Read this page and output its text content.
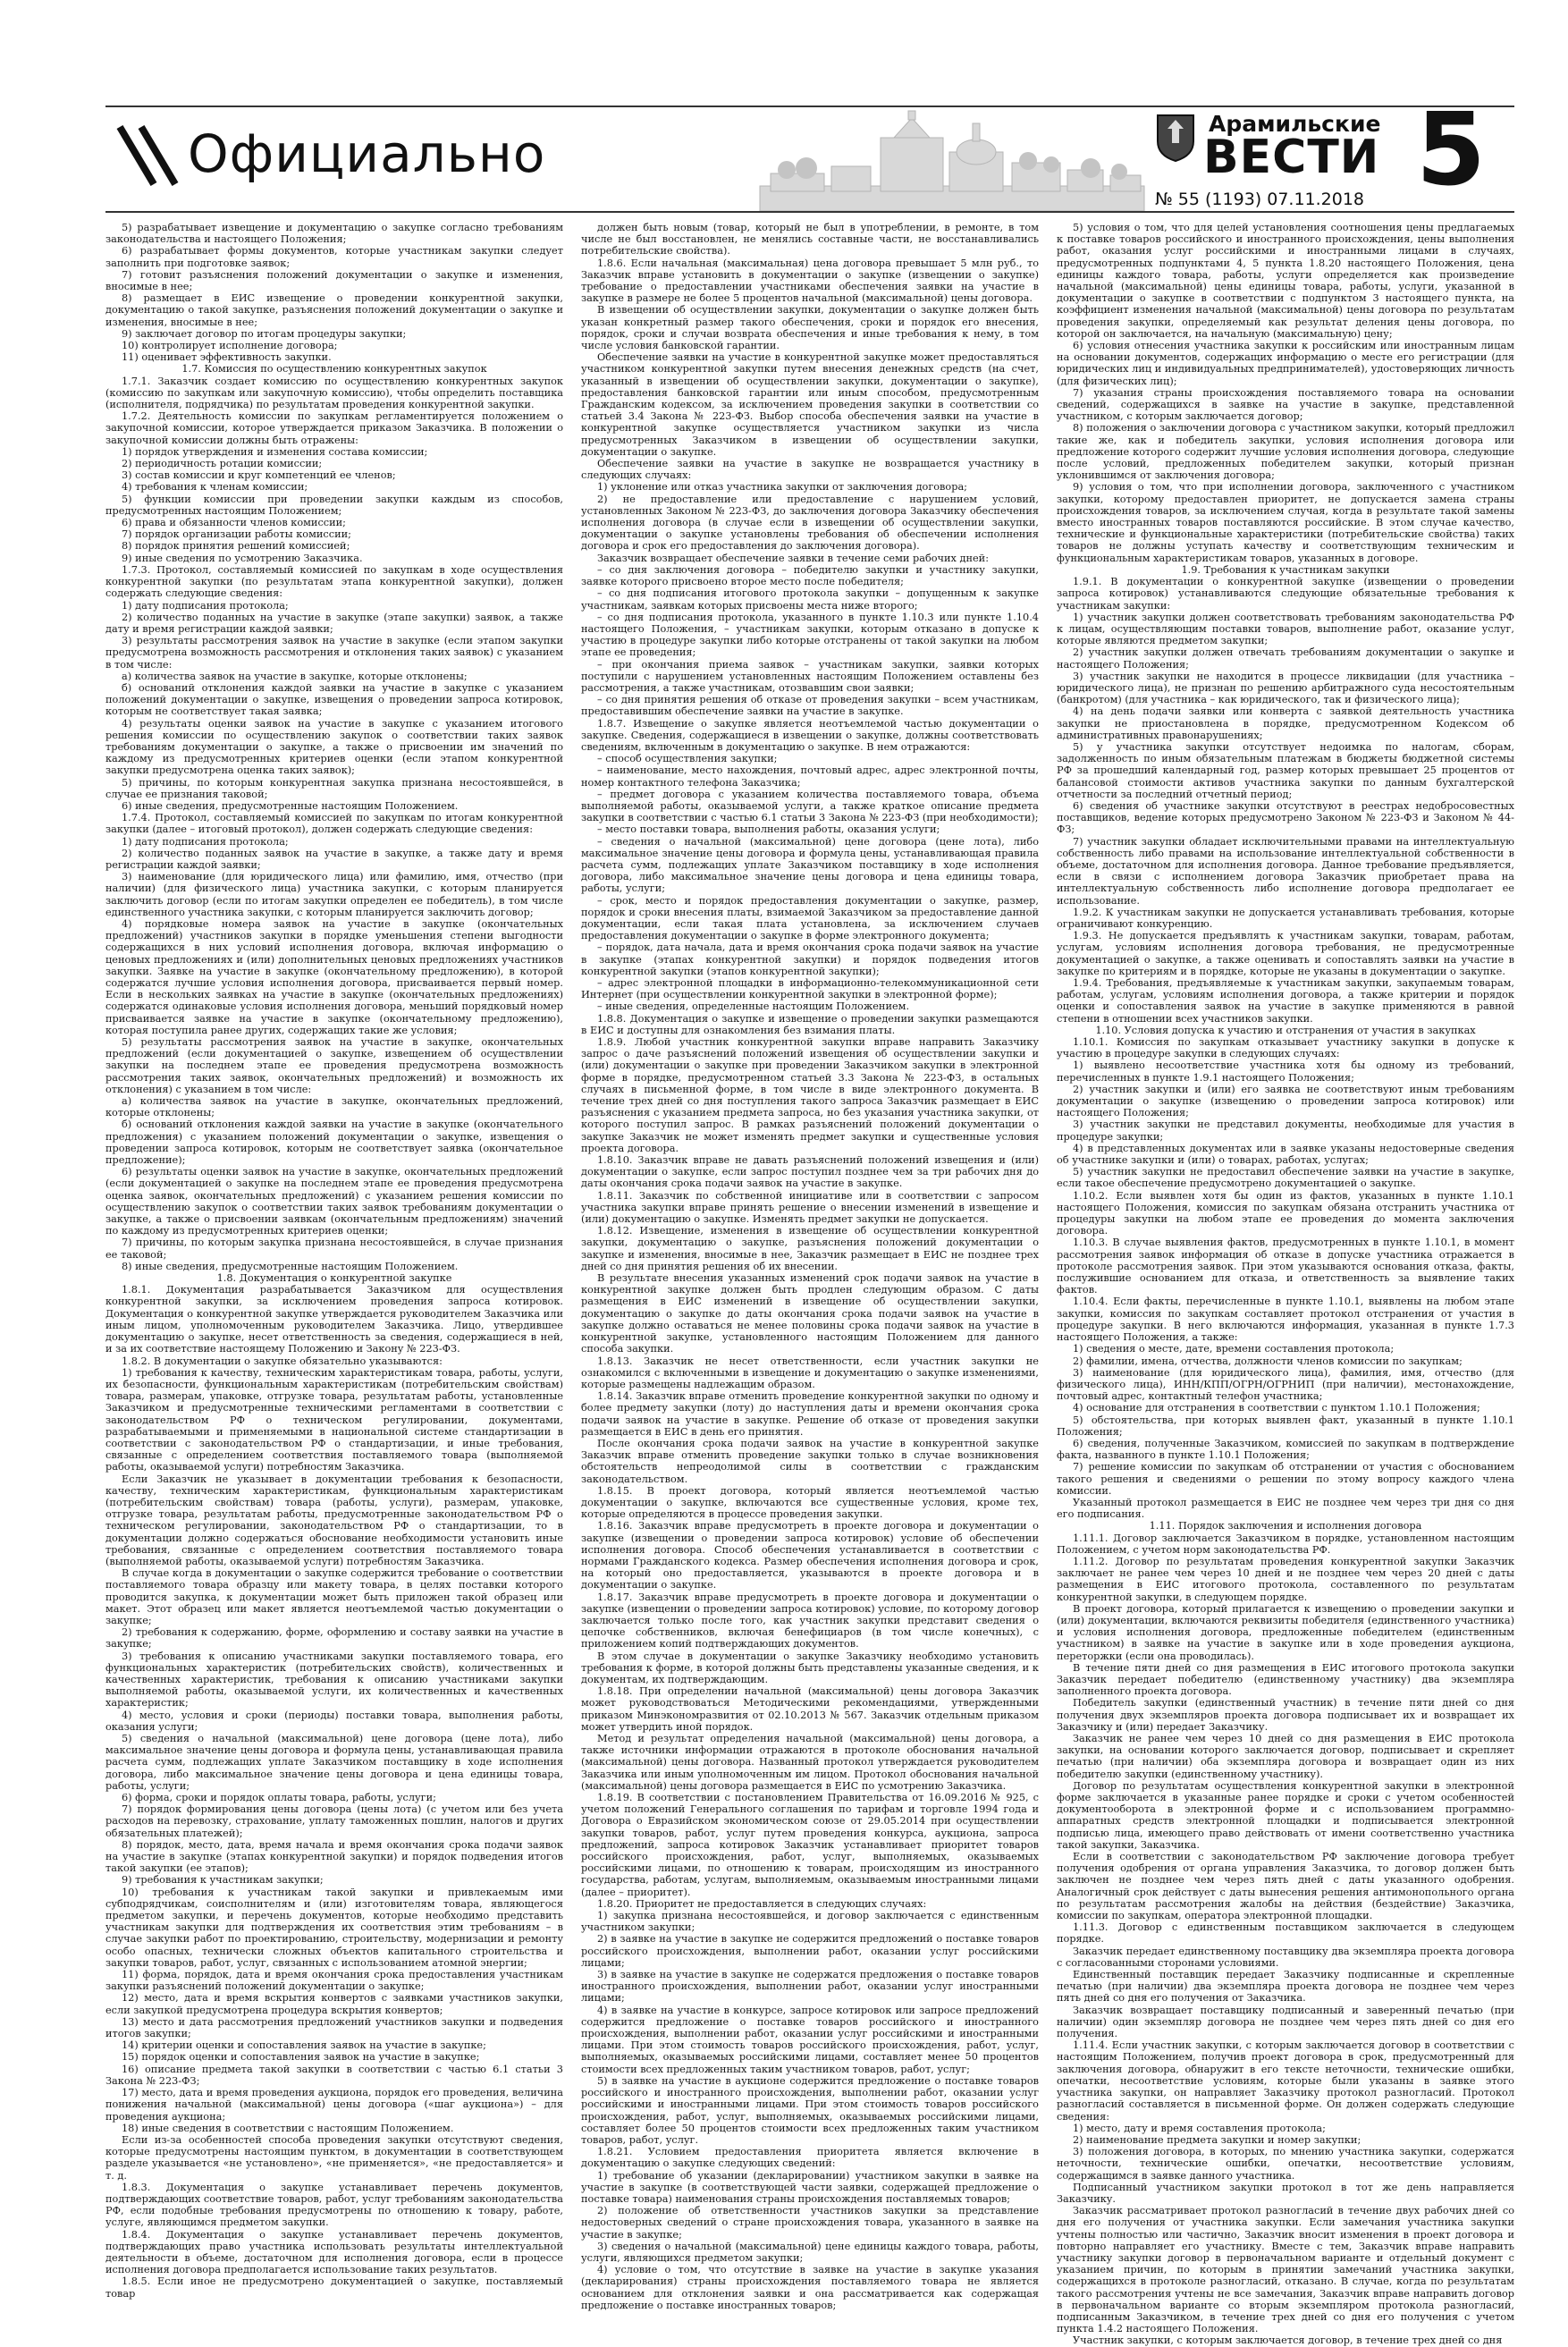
Официально	Арамильские
ВЕСТИ
№ 55 (1193) 07.11.2018 5

5) разрабатывает извещение и документацию о закупке согласно требованиям законодательства и настоящего Положения;

6) разрабатывает формы документов, которые участникам закупки следует заполнить при подготовке заявок;

7) готовит разъяснения положений документации о закупке и изменения, вносимые в нее;

8) размещает в ЕИС извещение о проведении конкурентной закупки, документацию о такой закупке, разъяснения положений документации о закупке и изменения, вносимые в нее;

9) заключает договор по итогам процедуры закупки;

10) контролирует исполнение договора;

11) оценивает эффективность закупки.

1.7. Комиссия по осуществлению конкурентных закупок

1.7.1. Заказчик создает комиссию по осуществлению конкурентных закупок (комиссию по закупкам или закупочную комиссию), чтобы определить поставщика (исполнителя, подрядчика) по результатам проведения конкурентной закупки.

1.7.2. Деятельность комиссии по закупкам регламентируется положением о закупочной комиссии, которое утверждается приказом Заказчика. В положении о закупочной комиссии должны быть отражены:

1) порядок утверждения и изменения состава комиссии;

2) периодичность ротации комиссии;

3) состав комиссии и круг компетенций ее членов;

4) требования к членам комиссии;

5) функции комиссии при проведении закупки каждым из способов, предусмотренных настоящим Положением;

6) права и обязанности членов комиссии;

7) порядок организации работы комиссии;

8) порядок принятия решений комиссией;

9) иные сведения по усмотрению Заказчика.

1.7.3. Протокол, составляемый комиссией по закупкам в ходе осуществления конкурентной закупки (по результатам этапа конкурентной закупки), должен содержать следующие сведения:

1) дату подписания протокола;

2) количество поданных на участие в закупке (этапе закупки) заявок, а также дату и время регистрации каждой заявки;

3) результаты рассмотрения заявок на участие в закупке (если этапом закупки предусмотрена возможность рассмотрения и отклонения таких заявок) с указанием в том числе:

а) количества заявок на участие в закупке, которые отклонены;

б) оснований отклонения каждой заявки на участие в закупке с указанием положений документации о закупке, извещения о проведении запроса котировок, которым не соответствует такая заявка;

4) результаты оценки заявок на участие в закупке с указанием итогового решения комиссии по осуществлению закупок о соответствии таких заявок требованиям документации о закупке, а также о присвоении им значений по каждому из предусмотренных критериев оценки (если этапом конкурентной закупки предусмотрена оценка таких заявок);

5) причины, по которым конкурентная закупка признана несостоявшейся, в случае ее признания таковой;

6) иные сведения, предусмотренные настоящим Положением.

1.7.4. Протокол, составляемый комиссией по закупкам по итогам конкурентной закупки (далее – итоговый протокол), должен содержать следующие сведения:

1) дату подписания протокола;

2) количество поданных заявок на участие в закупке, а также дату и время регистрации каждой заявки;

3) наименование (для юридического лица) или фамилию, имя, отчество (при наличии) (для физического лица) участника закупки, с которым планируется заключить договор (если по итогам закупки определен ее победитель), в том числе единственного участника закупки, с которым планируется заключить договор;

4) порядковые номера заявок на участие в закупке (окончательных предложений) участников закупки в порядке уменьшения степени выгодности содержащихся в них условий исполнения договора, включая информацию о ценовых предложениях и (или) дополнительных ценовых предложениях участников закупки. Заявке на участие в закупке (окончательному предложению), в которой содержатся лучшие условия исполнения договора, присваивается первый номер. Если в нескольких заявках на участие в закупке (окончательных предложениях) содержатся одинаковые условия исполнения договора, меньший порядковый номер присваивается заявке на участие в закупке (окончательному предложению), которая поступила ранее других, содержащих такие же условия;

5) результаты рассмотрения заявок на участие в закупке, окончательных предложений (если документацией о закупке, извещением об осуществлении закупки на последнем этапе ее проведения предусмотрена возможность рассмотрения таких заявок, окончательных предложений) и возможность их отклонения) с указанием в том числе:

а) количества заявок на участие в закупке, окончательных предложений, которые отклонены;

б) оснований отклонения каждой заявки на участие в закупке (окончательного предложения) с указанием положений документации о закупке, извещения о проведении запроса котировок, которым не соответствует заявка (окончательное предложение);

6) результаты оценки заявок на участие в закупке, окончательных предложений (если документацией о закупке на последнем этапе ее проведения предусмотрена оценка заявок, окончательных предложений) с указанием решения комиссии по осуществлению закупок о соответствии таких заявок требованиям документации о закупке, а также о присвоении заявкам (окончательным предложениям) значений по каждому из предусмотренных критериев оценки;

7) причины, по которым закупка признана несостоявшейся, в случае признания ее таковой;

8) иные сведения, предусмотренные настоящим Положением.

1.8. Документация о конкурентной закупке

1.8.1. Документация разрабатывается Заказчиком для осуществления конкурентной закупки, за исключением проведения запроса котировок. Документация о конкурентной закупке утверждается руководителем Заказчика или иным лицом, уполномоченным руководителем Заказчика. Лицо, утвердившее документацию о закупке, несет ответственность за сведения, содержащиеся в ней, и за их соответствие настоящему Положению и Закону № 223-ФЗ.

1.8.2. В документации о закупке обязательно указываются:

1) требования к качеству, техническим характеристикам товара, работы, услуги, их безопасности, функциональным характеристикам (потребительским свойствам) товара, размерам, упаковке, отгрузке товара, результатам работы, установленные Заказчиком и предусмотренные техническими регламентами в соответствии с законодательством РФ о техническом регулировании, документами, разрабатываемыми и применяемыми в национальной системе стандартизации в соответствии с законодательством РФ о стандартизации, и иные требования, связанные с определением соответствия поставляемого товара (выполняемой работы, оказываемой услуги) потребностям Заказчика.

Если Заказчик не указывает в документации требования к безопасности, качеству, техническим характеристикам, функциональным характеристикам (потребительским свойствам) товара (работы, услуги), размерам, упаковке, отгрузке товара, результатам работы, предусмотренные законодательством РФ о техническом регулировании, законодательством РФ о стандартизации, то в документации должно содержаться обоснование необходимости установить иные требования, связанные с определением соответствия поставляемого товара (выполняемой работы, оказываемой услуги) потребностям Заказчика.

В случае когда в документации о закупке содержится требование о соответствии поставляемого товара образцу или макету товара, в целях поставки которого проводится закупка, к документации может быть приложен такой образец или макет. Этот образец или макет является неотъемлемой частью документации о закупке;

2) требования к содержанию, форме, оформлению и составу заявки на участие в закупке;

3) требования к описанию участниками закупки поставляемого товара, его функциональных характеристик (потребительских свойств), количественных и качественных характеристик, требования к описанию участниками закупки выполняемой работы, оказываемой услуги, их количественных и качественных характеристик;

4) место, условия и сроки (периоды) поставки товара, выполнения работы, оказания услуги;

5) сведения о начальной (максимальной) цене договора (цене лота), либо максимальное значение цены договора и формула цены, устанавливающая правила расчета сумм, подлежащих уплате Заказчиком поставщику в ходе исполнения договора, либо максимальное значение цены договора и цена единицы товара, работы, услуги;

6) форма, сроки и порядок оплаты товара, работы, услуги;

7) порядок формирования цены договора (цены лота) (с учетом или без учета расходов на перевозку, страхование, уплату таможенных пошлин, налогов и других обязательных платежей);

8) порядок, место, дата, время начала и время окончания срока подачи заявок на участие в закупке (этапах конкурентной закупки) и порядок подведения итогов такой закупки (ее этапов);

9) требования к участникам закупки;

10) требования к участникам такой закупки и привлекаемым ими субподрядчикам, соисполнителям и (или) изготовителям товара, являющегося предметом закупки, и перечень документов, которые необходимо представить участникам закупки для подтверждения их соответствия этим требованиям – в случае закупки работ по проектированию, строительству, модернизации и ремонту особо опасных, технически сложных объектов капитального строительства и закупки товаров, работ, услуг, связанных с использованием атомной энергии;

11) форма, порядок, дата и время окончания срока предоставления участникам закупки разъяснений положений документации о закупке;

12) место, дата и время вскрытия конвертов с заявками участников закупки, если закупкой предусмотрена процедура вскрытия конвертов;

13) место и дата рассмотрения предложений участников закупки и подведения итогов закупки;

14) критерии оценки и сопоставления заявок на участие в закупке;

15) порядок оценки и сопоставления заявок на участие в закупке;

16) описание предмета такой закупки в соответствии с частью 6.1 статьи 3 Закона № 223-ФЗ;

17) место, дата и время проведения аукциона, порядок его проведения, величина понижения начальной (максимальной) цены договора («шаг аукциона») – для проведения аукциона;

18) иные сведения в соответствии с настоящим Положением.

Если из-за особенностей способа проведения закупки отсутствуют сведения, которые предусмотрены настоящим пунктом, в документации в соответствующем разделе указывается «не установлено», «не применяется», «не предоставляется» и т. д.

1.8.3. Документация о закупке устанавливает перечень документов, подтверждающих соответствие товаров, работ, услуг требованиям законодательства РФ, если подобные требования предусмотрены по отношению к товару, работе, услуге, являющимся предметом закупки.

1.8.4. Документация о закупке устанавливает перечень документов, подтверждающих право участника использовать результаты интеллектуальной деятельности в объеме, достаточном для исполнения договора, если в процессе исполнения договора предполагается использование таких результатов.

1.8.5. Если иное не предусмотрено документацией о закупке, поставляемый товар

должен быть новым (товар, который не был в употреблении, в ремонте, в том числе не был восстановлен, не менялись составные части, не восстанавливались потребительские свойства).

1.8.6. Если начальная (максимальная) цена договора превышает 5 млн руб., то Заказчик вправе установить в документации о закупке (извещении о закупке) требование о предоставлении участниками обеспечения заявки на участие в закупке в размере не более 5 процентов начальной (максимальной) цены договора.

В извещении об осуществлении закупки, документации о закупке должен быть указан конкретный размер такого обеспечения, сроки и порядок его внесения, порядок, сроки и случаи возврата обеспечения и иные требования к нему, в том числе условия банковской гарантии.

Обеспечение заявки на участие в конкурентной закупке может предоставляться участником конкурентной закупки путем внесения денежных средств (на счет, указанный в извещении об осуществлении закупки, документации о закупке), предоставления банковской гарантии или иным способом, предусмотренным Гражданским кодексом, за исключением проведения закупки в соответствии со статьей 3.4 Закона № 223-ФЗ. Выбор способа обеспечения заявки на участие в конкурентной закупке осуществляется участником закупки из числа предусмотренных Заказчиком в извещении об осуществлении закупки, документации о закупке.

Обеспечение заявки на участие в закупке не возвращается участнику в следующих случаях:

1) уклонение или отказ участника закупки от заключения договора;

2) не предоставление или предоставление с нарушением условий, установленных Законом № 223-ФЗ, до заключения договора Заказчику обеспечения исполнения договора (в случае если в извещении об осуществлении закупки, документации о закупке установлены требования об обеспечении исполнения договора и срок его предоставления до заключения договора).

Заказчик возвращает обеспечение заявки в течение семи рабочих дней:

– со дня заключения договора – победителю закупки и участнику закупки, заявке которого присвоено второе место после победителя;

– со дня подписания итогового протокола закупки – допущенным к закупке участникам, заявкам которых присвоены места ниже второго;

– со дня подписания протокола, указанного в пункте 1.10.3 или пункте 1.10.4 настоящего Положения, – участникам закупки, которым отказано в допуске к участию в процедуре закупки либо которые отстранены от такой закупки на любом этапе ее проведения;

– при окончания приема заявок – участникам закупки, заявки которых поступили с нарушением установленных настоящим Положением оставлены без рассмотрения, а также участникам, отозвавшим свои заявки;

– со дня принятия решения об отказе от проведения закупки – всем участникам, предоставившим обеспечение заявки на участие в закупке.

1.8.7. Извещение о закупке является неотъемлемой частью документации о закупке. Сведения, содержащиеся в извещении о закупке, должны соответствовать сведениям, включенным в документацию о закупке. В нем отражаются:

– способ осуществления закупки;

– наименование, место нахождения, почтовый адрес, адрес электронной почты, номер контактного телефона Заказчика;

– предмет договора с указанием количества поставляемого товара, объема выполняемой работы, оказываемой услуги, а также краткое описание предмета закупки в соответствии с частью 6.1 статьи 3 Закона № 223-ФЗ (при необходимости);

– место поставки товара, выполнения работы, оказания услуги;

– сведения о начальной (максимальной) цене договора (цене лота), либо максимальное значение цены договора и формула цены, устанавливающая правила расчета сумм, подлежащих уплате Заказчиком поставщику в ходе исполнения договора, либо максимальное значение цены договора и цена единицы товара, работы, услуги;

– срок, место и порядок предоставления документации о закупке, размер, порядок и сроки внесения платы, взимаемой Заказчиком за предоставление данной документации, если такая плата установлена, за исключением случаев предоставления документации о закупке в форме электронного документа;

– порядок, дата начала, дата и время окончания срока подачи заявок на участие в закупке (этапах конкурентной закупки) и порядок подведения итогов конкурентной закупки (этапов конкурентной закупки);

– адрес электронной площадки в информационно-телекоммуникационной сети Интернет (при осуществлении конкурентной закупки в электронной форме);

– иные сведения, определенные настоящим Положением.

1.8.8. Документация о закупке и извещение о проведении закупки размещаются в ЕИС и доступны для ознакомления без взимания платы.

1.8.9. Любой участник конкурентной закупки вправе направить Заказчику запрос о даче разъяснений положений извещения об осуществлении закупки и (или) документации о закупке при проведении Заказчиком закупки в электронной форме в порядке, предусмотренном статьей 3.3 Закона № 223-ФЗ, в остальных случаях в письменной форме, в том числе в виде электронного документа. В течение трех дней со дня поступления такого запроса Заказчик размещает в ЕИС разъяснения с указанием предмета запроса, но без указания участника закупки, от которого поступил запрос. В рамках разъяснений положений документации о закупке Заказчик не может изменять предмет закупки и существенные условия проекта договора.

1.8.10. Заказчик вправе не давать разъяснений положений извещения и (или) документации о закупке, если запрос поступил позднее чем за три рабочих дня до даты окончания срока подачи заявок на участие в закупке.

1.8.11. Заказчик по собственной инициативе или в соответствии с запросом участника закупки вправе принять решение о внесении изменений в извещение и (или) документацию о закупке. Изменять предмет закупки не допускается.

1.8.12. Извещение, изменения в извещение об осуществлении конкурентной закупки, документацию о закупке, разъяснения положений документации о закупке и изменения, вносимые в нее, Заказчик размещает в ЕИС не позднее трех дней со дня принятия решения об их внесении.

В результате внесения указанных изменений срок подачи заявок на участие в конкурентной закупке должен быть продлен следующим образом. С даты размещения в ЕИС изменений в извещение об осуществлении закупки, документацию о закупке до даты окончания срока подачи заявок на участие в закупке должно оставаться не менее половины срока подачи заявок на участие в конкурентной закупке, установленного настоящим Положением для данного способа закупки.

1.8.13. Заказчик не несет ответственности, если участник закупки не ознакомился с включенными в извещение и документацию о закупке изменениями, которые размещены надлежащим образом.

1.8.14. Заказчик вправе отменить проведение конкурентной закупки по одному и более предмету закупки (лоту) до наступления даты и времени окончания срока подачи заявок на участие в закупке. Решение об отказе от проведения закупки размещается в ЕИС в день его принятия.

После окончания срока подачи заявок на участие в конкурентной закупке Заказчик вправе отменить проведение закупки только в случае возникновения обстоятельств непреодолимой силы в соответствии с гражданским законодательством.

1.8.15. В проект договора, который является неотъемлемой частью документации о закупке, включаются все существенные условия, кроме тех, которые определяются в процессе проведения закупки.

1.8.16. Заказчик вправе предусмотреть в проекте договора и документации о закупке (извещении о проведении запроса котировок) условие об обеспечении исполнения договора. Способ обеспечения устанавливается в соответствии с нормами Гражданского кодекса. Размер обеспечения исполнения договора и срок, на который оно предоставляется, указываются в проекте договора и в документации о закупке.

1.8.17. Заказчик вправе предусмотреть в проекте договора и документации о закупке (извещении о проведении запроса котировок) условие, по которому договор заключается только после того, как участник закупки представит сведения о цепочке собственников, включая бенефициаров (в том числе конечных), с приложением копий подтверждающих документов.

В этом случае в документации о закупке Заказчику необходимо установить требования к форме, в которой должны быть представлены указанные сведения, и к документам, их подтверждающим.

1.8.18. При определении начальной (максимальной) цены договора Заказчик может руководствоваться Методическими рекомендациями, утвержденными приказом Минэкономразвития от 02.10.2013 № 567. Заказчик отдельным приказом может утвердить иной порядок.

Метод и результат определения начальной (максимальной) цены договора, а также источники информации отражаются в протоколе обоснования начальной (максимальной) цены договора. Названный протокол утверждается руководителем Заказчика или иным уполномоченным им лицом. Протокол обоснования начальной (максимальной) цены договора размещается в ЕИС по усмотрению Заказчика.

1.8.19. В соответствии с постановлением Правительства от 16.09.2016 № 925, с учетом положений Генерального соглашения по тарифам и торговле 1994 года и Договора о Евразийском экономическом союзе от 29.05.2014 при осуществлении закупки товаров, работ, услуг путем проведения конкурса, аукциона, запроса предложений, запроса котировок Заказчик устанавливает приоритет товаров российского происхождения, работ, услуг, выполняемых, оказываемых российскими лицами, по отношению к товарам, происходящим из иностранного государства, работам, услугам, выполняемым, оказываемым иностранными лицами (далее – приоритет).

1.8.20. Приоритет не предоставляется в следующих случаях:

1) закупка признана несостоявшейся, и договор заключается с единственным участником закупки;

2) в заявке на участие в закупке не содержится предложений о поставке товаров российского происхождения, выполнении работ, оказании услуг российскими лицами;

3) в заявке на участие в закупке не содержатся предложения о поставке товаров иностранного происхождения, выполнении работ, оказании услуг иностранными лицами;

4) в заявке на участие в конкурсе, запросе котировок или запросе предложений содержится предложение о поставке товаров российского и иностранного происхождения, выполнении работ, оказании услуг российскими и иностранными лицами. При этом стоимость товаров российского происхождения, работ, услуг, выполняемых, оказываемых российскими лицами, составляет менее 50 процентов стоимости всех предложенных таким участником товаров, работ, услуг;

5) в заявке на участие в аукционе содержится предложение о поставке товаров российского и иностранного происхождения, выполнении работ, оказании услуг российскими и иностранными лицами. При этом стоимость товаров российского происхождения, работ, услуг, выполняемых, оказываемых российскими лицами, составляет более 50 процентов стоимости всех предложенных таким участником товаров, работ, услуг.

1.8.21. Условием предоставления приоритета является включение в документацию о закупке следующих сведений:

1) требование об указании (декларировании) участником закупки в заявке на участие в закупке (в соответствующей части заявки, содержащей предложение о поставке товара) наименования страны происхождения поставляемых товаров;

2) положение об ответственности участников закупки за представление недостоверных сведений о стране происхождения товара, указанного в заявке на участие в закупке;

3) сведения о начальной (максимальной) цене единицы каждого товара, работы, услуги, являющихся предметом закупки;

4) условие о том, что отсутствие в заявке на участие в закупке указания (декларирования) страны происхождения поставляемого товара не является основанием для отклонения заявки и она рассматривается как содержащая предложение о поставке иностранных товаров;

5) условия о том, что для целей установления соотношения цены предлагаемых к поставке товаров российского и иностранного происхождения, цены выполнения работ, оказания услуг российскими и иностранными лицами в случаях, предусмотренных подпунктами 4, 5 пункта 1.8.20 настоящего Положения, цена единицы каждого товара, работы, услуги определяется как произведение начальной (максимальной) цены единицы товара, работы, услуги, указанной в документации о закупке в соответствии с подпунктом 3 настоящего пункта, на коэффициент изменения начальной (максимальной) цены договора по результатам проведения закупки, определяемый как результат деления цены договора, по которой он заключается, на начальную (максимальную) цену;

6) условия отнесения участника закупки к российским или иностранным лицам на основании документов, содержащих информацию о месте его регистрации (для юридических лиц и индивидуальных предпринимателей), удостоверяющих личность (для физических лиц);

7) указания страны происхождения поставляемого товара на основании сведений, содержащихся в заявке на участие в закупке, представленной участником, с которым заключается договор;

8) положения о заключении договора с участником закупки, который предложил такие же, как и победитель закупки, условия исполнения договора или предложение которого содержит лучшие условия исполнения договора, следующие после условий, предложенных победителем закупки, который признан уклонившимся от заключения договора;

9) условия о том, что при исполнении договора, заключенного с участником закупки, которому предоставлен приоритет, не допускается замена страны происхождения товаров, за исключением случая, когда в результате такой замены вместо иностранных товаров поставляются российские. В этом случае качество, технические и функциональные характеристики (потребительские свойства) таких товаров не должны уступать качеству и соответствующим техническим и функциональным характеристикам товаров, указанных в договоре.

1.9. Требования к участникам закупки

1.9.1. В документации о конкурентной закупке (извещении о проведении запроса котировок) устанавливаются следующие обязательные требования к участникам закупки:

1) участник закупки должен соответствовать требованиям законодательства РФ к лицам, осуществляющим поставки товаров, выполнение работ, оказание услуг, которые являются предметом закупки;

2) участник закупки должен отвечать требованиям документации о закупке и настоящего Положения;

3) участник закупки не находится в процессе ликвидации (для участника – юридического лица), не признан по решению арбитражного суда несостоятельным (банкротом) (для участника – как юридического, так и физического лица);

4) на день подачи заявки или конверта с заявкой деятельность участника закупки не приостановлена в порядке, предусмотренном Кодексом об административных правонарушениях;

5) у участника закупки отсутствует недоимка по налогам, сборам, задолженность по иным обязательным платежам в бюджеты бюджетной системы РФ за прошедший календарный год, размер которых превышает 25 процентов от балансовой стоимости активов участника закупки по данным бухгалтерской отчетности за последний отчетный период;

6) сведения об участнике закупки отсутствуют в реестрах недобросовестных поставщиков, ведение которых предусмотрено Законом № 223-ФЗ и Законом № 44-ФЗ;

7) участник закупки обладает исключительными правами на интеллектуальную собственность либо правами на использование интеллектуальной собственности в объеме, достаточном для исполнения договора. Данное требование предъявляется, если в связи с исполнением договора Заказчик приобретает права на интеллектуальную собственность либо исполнение договора предполагает ее использование.

1.9.2. К участникам закупки не допускается устанавливать требования, которые ограничивают конкуренцию.

1.9.3. Не допускается предъявлять к участникам закупки, товарам, работам, услугам, условиям исполнения договора требования, не предусмотренные документацией о закупке, а также оценивать и сопоставлять заявки на участие в закупке по критериям и в порядке, которые не указаны в документации о закупке.

1.9.4. Требования, предъявляемые к участникам закупки, закупаемым товарам, работам, услугам, условиям исполнения договора, а также критерии и порядок оценки и сопоставления заявок на участие в закупке применяются в равной степени в отношении всех участников закупки.

1.10. Условия допуска к участию и отстранения от участия в закупках

1.10.1. Комиссия по закупкам отказывает участнику закупки в допуске к участию в процедуре закупки в следующих случаях:

1) выявлено несоответствие участника хотя бы одному из требований, перечисленных в пункте 1.9.1 настоящего Положения;

2) участник закупки и (или) его заявка не соответствуют иным требованиям документации о закупке (извещению о проведении запроса котировок) или настоящего Положения;

3) участник закупки не представил документы, необходимые для участия в процедуре закупки;

4) в представленных документах или в заявке указаны недостоверные сведения об участнике закупки и (или) о товарах, работах, услугах;

5) участник закупки не предоставил обеспечение заявки на участие в закупке, если такое обеспечение предусмотрено документацией о закупке.

1.10.2. Если выявлен хотя бы один из фактов, указанных в пункте 1.10.1 настоящего Положения, комиссия по закупкам обязана отстранить участника от процедуры закупки на любом этапе ее проведения до момента заключения договора.

1.10.3. В случае выявления фактов, предусмотренных в пункте 1.10.1, в момент рассмотрения заявок информация об отказе в допуске участника отражается в протоколе рассмотрения заявок. При этом указываются основания отказа, факты, послужившие основанием для отказа, и ответственность за выявление таких фактов.

1.10.4. Если факты, перечисленные в пункте 1.10.1, выявлены на любом этапе закупки, комиссия по закупкам составляет протокол отстранения от участия в процедуре закупки. В него включаются информация, указанная в пункте 1.7.3 настоящего Положения, а также:

1) сведения о месте, дате, времени составления протокола;

2) фамилии, имена, отчества, должности членов комиссии по закупкам;

3) наименование (для юридического лица), фамилия, имя, отчество (для физического лица), ИНН/КПП/ОГРН/ОГРНИП (при наличии), местонахождение, почтовый адрес, контактный телефон участника;

4) основание для отстранения в соответствии с пунктом 1.10.1 Положения;

5) обстоятельства, при которых выявлен факт, указанный в пункте 1.10.1 Положения;

6) сведения, полученные Заказчиком, комиссией по закупкам в подтверждение факта, названного в пункте 1.10.1 Положения;

7) решение комиссии по закупкам об отстранении от участия с обоснованием такого решения и сведениями о решении по этому вопросу каждого члена комиссии.

Указанный протокол размещается в ЕИС не позднее чем через три дня со дня его подписания.

1.11. Порядок заключения и исполнения договора

1.11.1. Договор заключается Заказчиком в порядке, установленном настоящим Положением, с учетом норм законодательства РФ.

1.11.2. Договор по результатам проведения конкурентной закупки Заказчик заключает не ранее чем через 10 дней и не позднее чем через 20 дней с даты размещения в ЕИС итогового протокола, составленного по результатам конкурентной закупки, в следующем порядке.

В проект договора, который прилагается к извещению о проведении закупки и (или) документации, включаются реквизиты победителя (единственного участника) и условия исполнения договора, предложенные победителем (единственным участником) в заявке на участие в закупке или в ходе проведения аукциона, переторжки (если она проводилась).

В течение пяти дней со дня размещения в ЕИС итогового протокола закупки Заказчик передает победителю (единственному участнику) два экземпляра заполненного проекта договора.

Победитель закупки (единственный участник) в течение пяти дней со дня получения двух экземпляров проекта договора подписывает их и возвращает их Заказчику и (или) передает Заказчику.

Заказчик не ранее чем через 10 дней со дня размещения в ЕИС протокола закупки, на основании которого заключается договор, подписывает и скрепляет печатью (при наличии) оба экземпляра договора и возвращает один из них победителю закупки (единственному участнику).

Договор по результатам осуществления конкурентной закупки в электронной форме заключается в указанные ранее порядке и сроки с учетом особенностей документооборота в электронной форме и с использованием программно-аппаратных средств электронной площадки и подписывается электронной подписью лица, имеющего право действовать от имени соответственно участника такой закупки, Заказчика.

Если в соответствии с законодательством РФ заключение договора требует получения одобрения от органа управления Заказчика, то договор должен быть заключен не позднее чем через пять дней с даты указанного одобрения. Аналогичный срок действует с даты вынесения решения антимонопольного органа по результатам рассмотрения жалобы на действия (бездействие) Заказчика, комиссии по закупкам, оператора электронной площадки.

1.11.3. Договор с единственным поставщиком заключается в следующем порядке.

Заказчик передает единственному поставщику два экземпляра проекта договора с согласованными сторонами условиями.

Единственный поставщик передает Заказчику подписанные и скрепленные печатью (при наличии) два экземпляра проекта договора не позднее чем через пять дней со дня его получения от Заказчика.

Заказчик возвращает поставщику подписанный и заверенный печатью (при наличии) один экземпляр договора не позднее чем через пять дней со дня его получения.

1.11.4. Если участник закупки, с которым заключается договор в соответствии с настоящим Положением, получив проект договора в срок, предусмотренный для заключения договора, обнаружит в его тексте неточности, технические ошибки, опечатки, несоответствие условиям, которые были указаны в заявке этого участника закупки, он направляет Заказчику протокол разногласий. Протокол разногласий составляется в письменной форме. Он должен содержать следующие сведения:

1) место, дату и время составления протокола;

2) наименование предмета закупки и номер закупки;

3) положения договора, в которых, по мнению участника закупки, содержатся неточности, технические ошибки, опечатки, несоответствие условиям, содержащимся в заявке данного участника.

Подписанный участником закупки протокол в тот же день направляется Заказчику.

Заказчик рассматривает протокол разногласий в течение двух рабочих дней со дня его получения от участника закупки. Если замечания участника закупки учтены полностью или частично, Заказчик вносит изменения в проект договора и повторно направляет его участнику. Вместе с тем, Заказчик вправе направить участнику закупки договор в первоначальном варианте и отдельный документ с указанием причин, по которым в принятии замечаний участника закупки, содержащихся в протоколе разногласий, отказано. В случае, когда по результатам такого рассмотрения учтены не все замечания, Заказчик вправе направить договор в первоначальном варианте со вторым экземпляром протокола разногласий, подписанным Заказчиком, в течение трех дней со дня его получения с учетом пункта 1.4.2 настоящего Положения.

Участник закупки, с которым заключается договор, в течение трех дней со дня
